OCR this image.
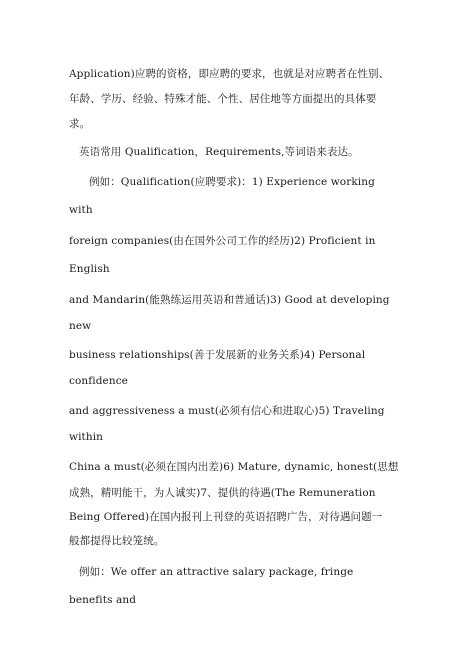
Application)应聘的资格，即应聘的要求，也就是对应聘者在性别、
年龄、学历、经验、特殊才能、个性、居住地等方面提出的具体要
求。
英语常用 Qualification，Requirements,等词语来表达。
例如：Qualification(应聘要求)：1) Experience working
with
foreign companies(由在国外公司工作的经历)2) Proficient in
English
and Mandarin(能熟练运用英语和普通话)3) Good at developing
new
business relationships(善于发展新的业务关系)4) Personal
confidence
and aggressiveness a must(必须有信心和进取心)5) Traveling
within
China a must(必须在国内出差)6) Mature, dynamic, honest(思想
成熟，精明能干，为人诚实)7、提供的待遇(The Remuneration
Being Offered)在国内报刊上刊登的英语招聘广告，对待遇问题一
般都提得比较笼统。
例如：We offer an attractive salary package, fringe
benefits and
